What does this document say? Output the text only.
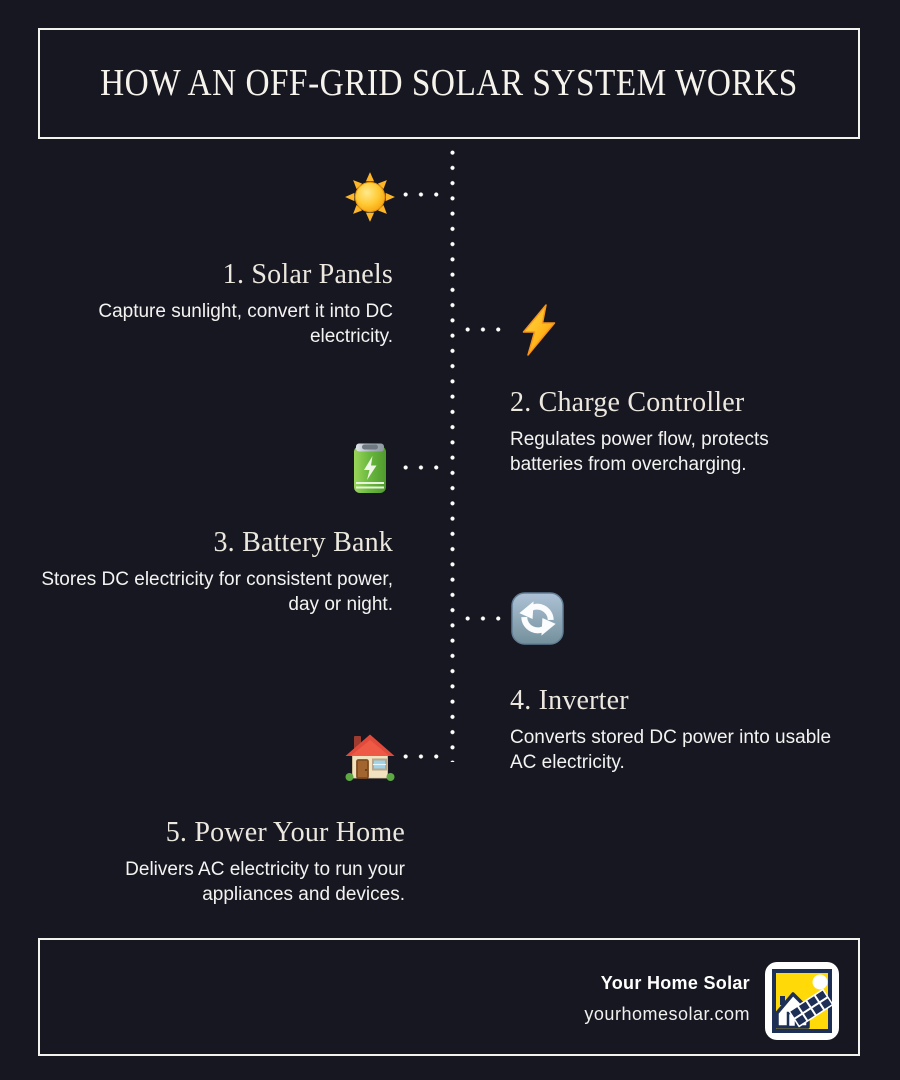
HOW AN OFF-GRID SOLAR SYSTEM WORKS
1. Solar Panels

Capture sunlight, convert it into DC electricity.

2. Charge Controller

Regulates power flow, protects batteries from overcharging.

3. Battery Bank

Stores DC electricity for consistent power, day or night.

4. Inverter

Converts stored DC power into usable AC electricity.

5. Power Your Home

Delivers AC electricity to run your appliances and devices.

Your Home Solar

yourhomesolar.com
